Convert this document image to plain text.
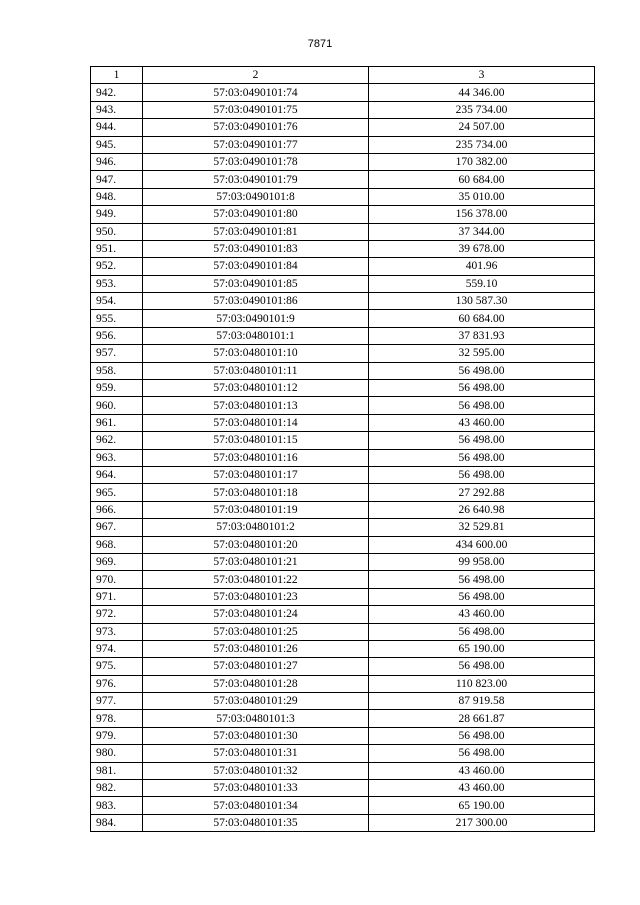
7871
1	2	3
942.	57:03:0490101:74	44 346.00
943.	57:03:0490101:75	235 734.00
944.	57:03:0490101:76	24 507.00
945.	57:03:0490101:77	235 734.00
946.	57:03:0490101:78	170 382.00
947.	57:03:0490101:79	60 684.00
948.	57:03:0490101:8	35 010.00
949.	57:03:0490101:80	156 378.00
950.	57:03:0490101:81	37 344.00
951.	57:03:0490101:83	39 678.00
952.	57:03:0490101:84	401.96
953.	57:03:0490101:85	559.10
954.	57:03:0490101:86	130 587.30
955.	57:03:0490101:9	60 684.00
956.	57:03:0480101:1	37 831.93
957.	57:03:0480101:10	32 595.00
958.	57:03:0480101:11	56 498.00
959.	57:03:0480101:12	56 498.00
960.	57:03:0480101:13	56 498.00
961.	57:03:0480101:14	43 460.00
962.	57:03:0480101:15	56 498.00
963.	57:03:0480101:16	56 498.00
964.	57:03:0480101:17	56 498.00
965.	57:03:0480101:18	27 292.88
966.	57:03:0480101:19	26 640.98
967.	57:03:0480101:2	32 529.81
968.	57:03:0480101:20	434 600.00
969.	57:03:0480101:21	99 958.00
970.	57:03:0480101:22	56 498.00
971.	57:03:0480101:23	56 498.00
972.	57:03:0480101:24	43 460.00
973.	57:03:0480101:25	56 498.00
974.	57:03:0480101:26	65 190.00
975.	57:03:0480101:27	56 498.00
976.	57:03:0480101:28	110 823.00
977.	57:03:0480101:29	87 919.58
978.	57:03:0480101:3	28 661.87
979.	57:03:0480101:30	56 498.00
980.	57:03:0480101:31	56 498.00
981.	57:03:0480101:32	43 460.00
982.	57:03:0480101:33	43 460.00
983.	57:03:0480101:34	65 190.00
984.	57:03:0480101:35	217 300.00
